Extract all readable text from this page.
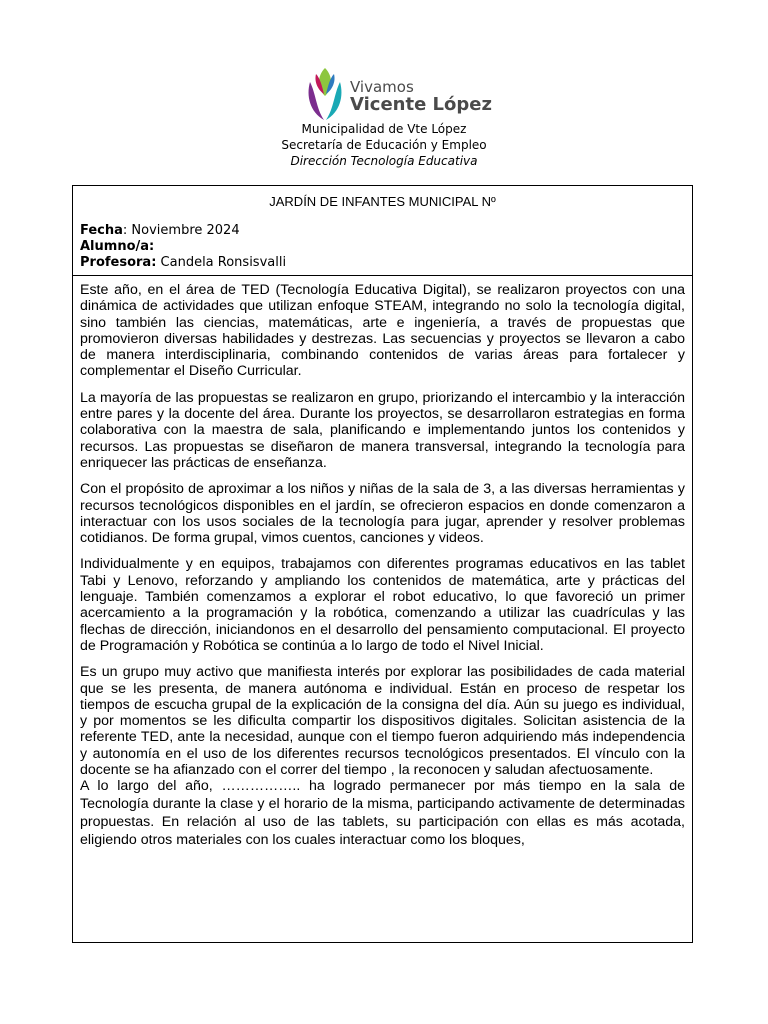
Vivamos
Vicente López
Municipalidad de Vte López
Secretaría de Educación y Empleo
Dirección Tecnología Educativa
JARDÍN DE INFANTES MUNICIPAL Nº
Fecha: Noviembre 2024
Alumno/a:
Profesora: Candela Ronsisvalli

Este año, en el área de TED (Tecnología Educativa Digital), se realizaron proyectos con una dinámica de actividades que utilizan enfoque STEAM, integrando no solo la tecnología digital, sino también las ciencias, matemáticas, arte e ingeniería, a través de propuestas que promovieron diversas habilidades y destrezas. Las secuencias y proyectos se llevaron a cabo de manera interdisciplinaria, combinando contenidos de varias áreas para fortalecer y complementar el Diseño Curricular.

La mayoría de las propuestas se realizaron en grupo, priorizando el intercambio y la interacción entre pares y la docente del área. Durante los proyectos, se desarrollaron estrategias en forma colaborativa con la maestra de sala, planificando e implementando juntos los contenidos y recursos. Las propuestas se diseñaron de manera transversal, integrando la tecnología para enriquecer las prácticas de enseñanza.

Con el propósito de aproximar a los niños y niñas de la sala de 3, a las diversas herramientas y recursos tecnológicos disponibles en el jardín, se ofrecieron espacios en donde comenzaron a interactuar con los usos sociales de la tecnología para jugar, aprender y resolver problemas cotidianos. De forma grupal, vimos cuentos, canciones y videos.

Individualmente y en equipos, trabajamos con diferentes programas educativos en las tablet Tabi y Lenovo, reforzando y ampliando los contenidos de matemática, arte y prácticas del lenguaje. También comenzamos a explorar el robot educativo, lo que favoreció un primer acercamiento a la programación y la robótica, comenzando a utilizar las cuadrículas y las flechas de dirección, iniciandonos en el desarrollo del pensamiento computacional. El proyecto de Programación y Robótica se continúa a lo largo de todo el Nivel Inicial.

Es un grupo muy activo que manifiesta interés por explorar las posibilidades de cada material que se les presenta, de manera autónoma e individual. Están en proceso de respetar los tiempos de escucha grupal de la explicación de la consigna del día. Aún su juego es individual, y por momentos se les dificulta compartir los dispositivos digitales. Solicitan asistencia de la referente TED, ante la necesidad, aunque con el tiempo fueron adquiriendo más independencia y autonomía en el uso de los diferentes recursos tecnológicos presentados. El vínculo con la docente se ha afianzado con el correr del tiempo , la reconocen y saludan afectuosamente.

A lo largo del año, …………….. ha logrado permanecer por más tiempo en la sala de Tecnología durante la clase y el horario de la misma, participando activamente de determinadas propuestas. En relación al uso de las tablets, su participación con ellas es más acotada, eligiendo otros materiales con los cuales interactuar como los bloques,
